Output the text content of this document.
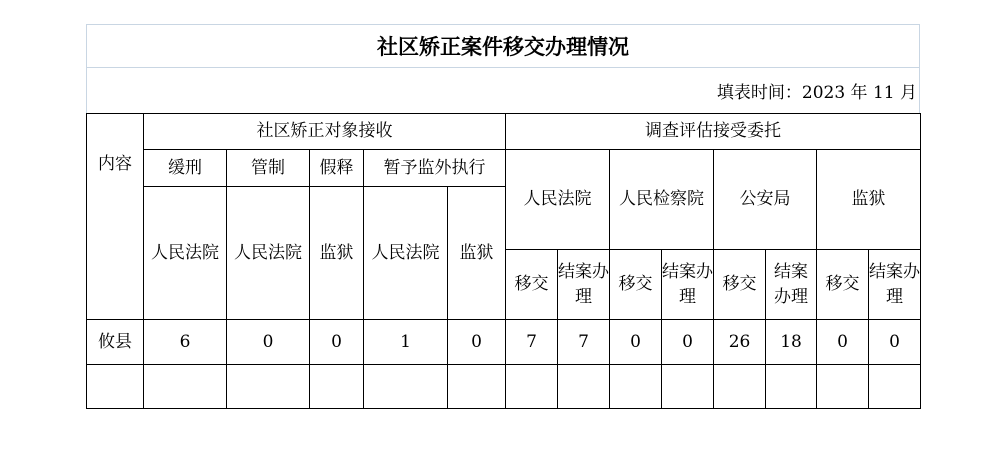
社区矫正案件移交办理情况
填表时间：2023 年 11 月
内容	社区矫正对象接收					调查评估接受委托							
	缓刑	管制	假释	暂予监外执行		人民法院		人民检察院		公安局		监狱	
	人民法院	人民法院	监狱	人民法院	监狱								
						移交	结案办理	移交	结案办理	移交	结案办理	移交	结案办理
攸县	6	0	0	1	0	7	7	0	0	26	18	0	0
